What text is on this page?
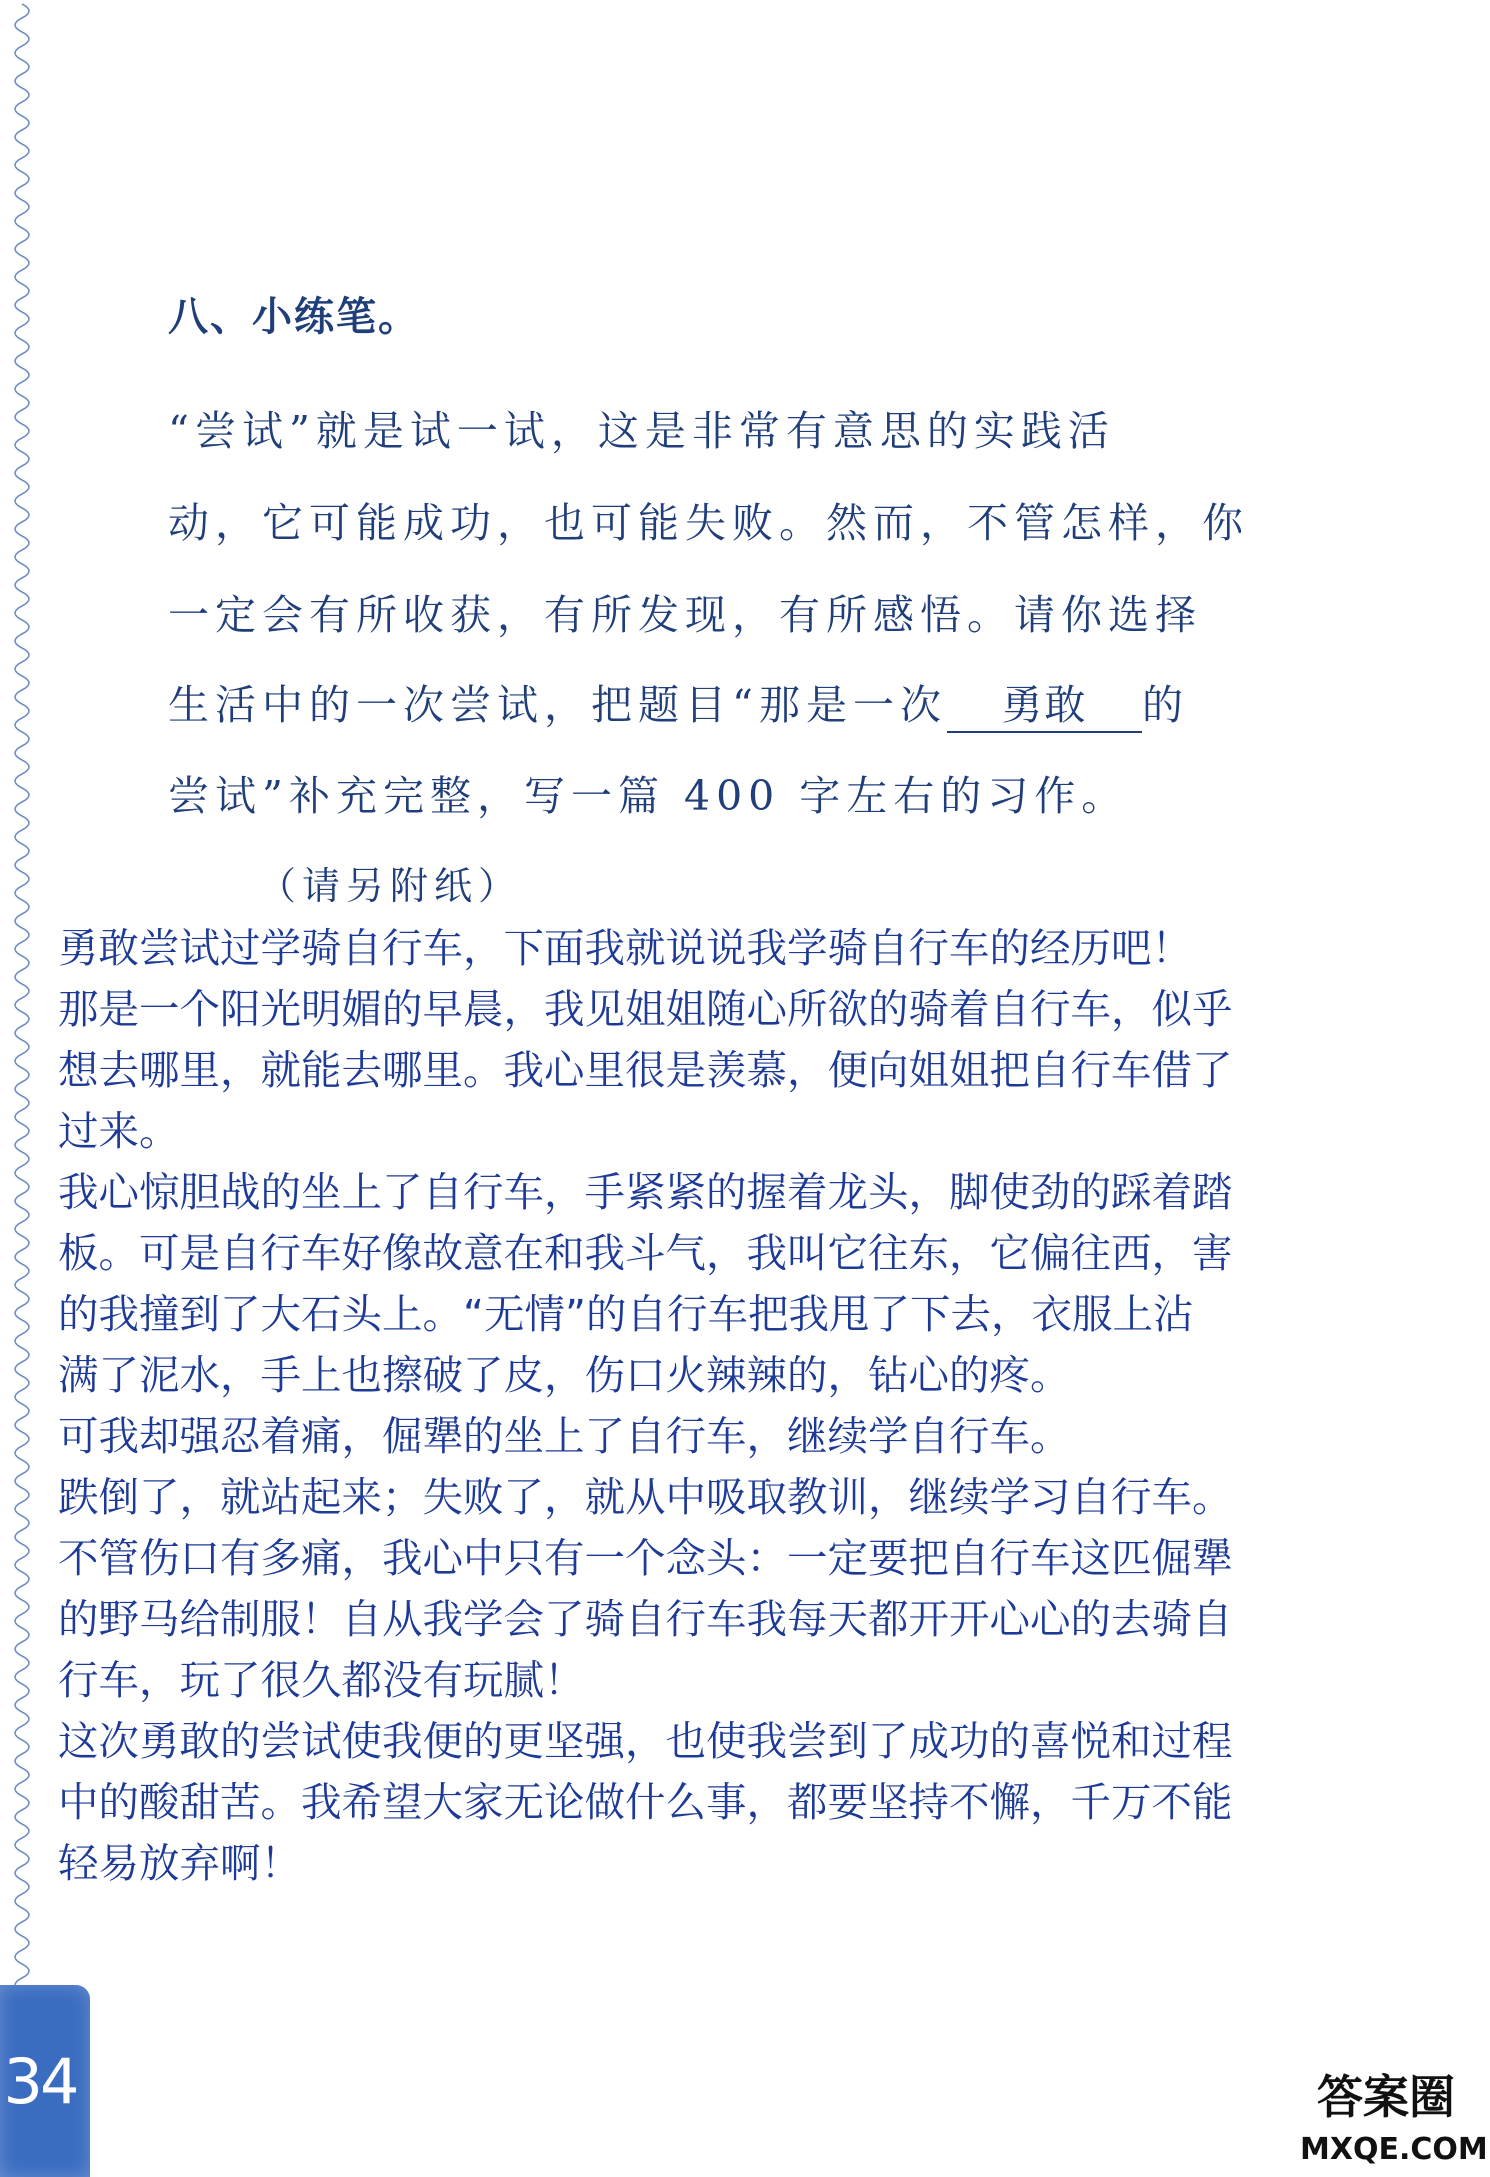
八、小练笔。
“尝试”就是试一试，这是非常有意思的实践活
动，它可能成功，也可能失败。然而，不管怎样，你
一定会有所收获，有所发现，有所感悟。请你选择
生活中的一次尝试，把题目“那是一次 勇敢 的
尝试”补充完整，写一篇 400 字左右的习作。
（请另附纸）

勇敢尝试过学骑自行车，下面我就说说我学骑自行车的经历吧！

那是一个阳光明媚的早晨，我见姐姐随心所欲的骑着自行车，似乎

想去哪里，就能去哪里。我心里很是羡慕，便向姐姐把自行车借了

过来。

我心惊胆战的坐上了自行车，手紧紧的握着龙头，脚使劲的踩着踏

板。可是自行车好像故意在和我斗气，我叫它往东，它偏往西，害

的我撞到了大石头上。“无情”的自行车把我甩了下去，衣服上沾

满了泥水，手上也擦破了皮，伤口火辣辣的，钻心的疼。

可我却强忍着痛，倔犟的坐上了自行车，继续学自行车。

跌倒了，就站起来；失败了，就从中吸取教训，继续学习自行车。

不管伤口有多痛，我心中只有一个念头：一定要把自行车这匹倔犟

的野马给制服！自从我学会了骑自行车我每天都开开心心的去骑自

行车，玩了很久都没有玩腻！

这次勇敢的尝试使我便的更坚强，也使我尝到了成功的喜悦和过程

中的酸甜苦。我希望大家无论做什么事，都要坚持不懈，千万不能

轻易放弃啊！

34	答案圈
MXQE.COM
